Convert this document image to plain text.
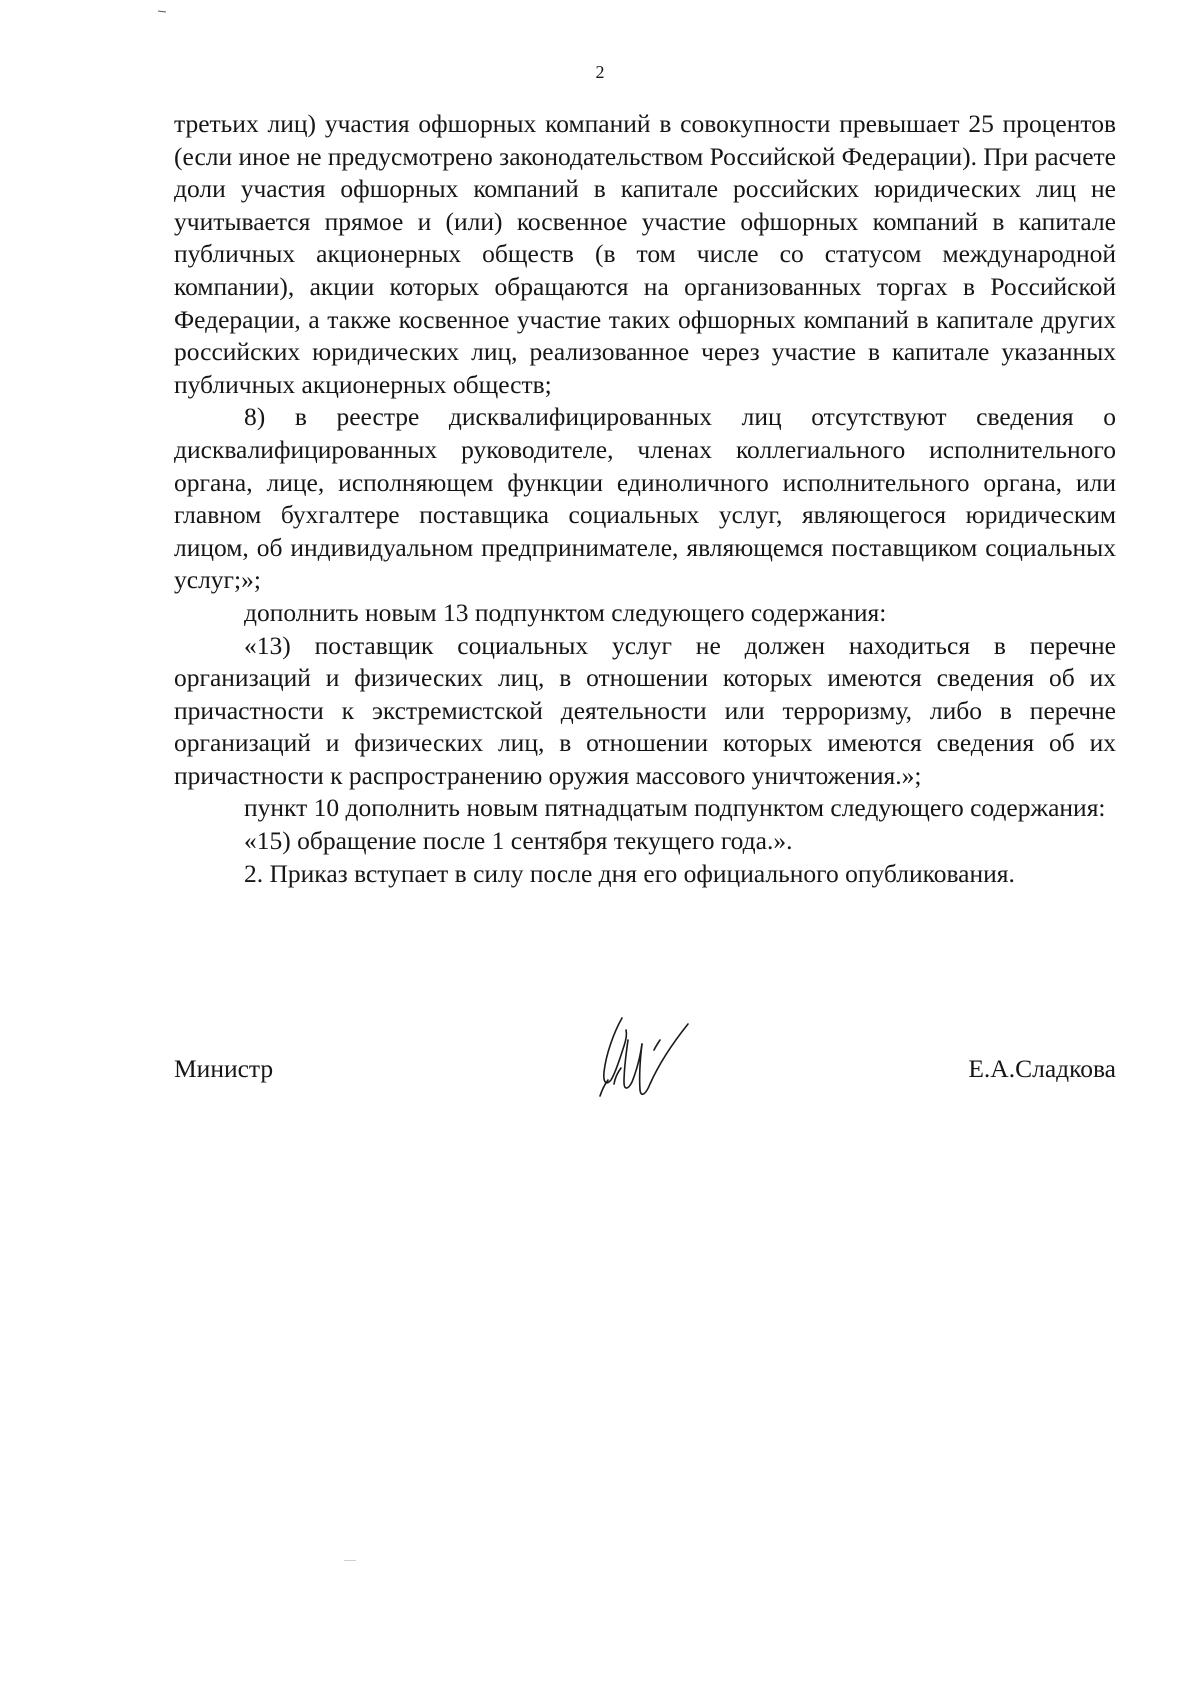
2

третьих лиц) участия офшорных компаний в совокупности превышает 25 процентов (если иное не предусмотрено законодательством Российской Федерации). При расчете доли участия офшорных компаний в капитале российских юридических лиц не учитывается прямое и (или) косвенное участие офшорных компаний в капитале публичных акционерных обществ (в том числе со статусом международной компании), акции которых обращаются на организованных торгах в Российской Федерации, а также косвенное участие таких офшорных компаний в капитале других российских юридических лиц, реализованное через участие в капитале указанных публичных акционерных обществ;

8) в реестре дисквалифицированных лиц отсутствуют сведения о дисквалифицированных руководителе, членах коллегиального исполнительного органа, лице, исполняющем функции единоличного исполнительного органа, или главном бухгалтере поставщика социальных услуг, являющегося юридическим лицом, об индивидуальном предпринимателе, являющемся поставщиком социальных услуг;»;

дополнить новым 13 подпунктом следующего содержания:

«13) поставщик социальных услуг не должен находиться в перечне организаций и физических лиц, в отношении которых имеются сведения об их причастности к экстремистской деятельности или терроризму, либо в перечне организаций и физических лиц, в отношении которых имеются сведения об их причастности к распространению оружия массового уничтожения.»;

пункт 10 дополнить новым пятнадцатым подпунктом следующего содержания:

«15) обращение после 1 сентября текущего года.».

2. Приказ вступает в силу после дня его официального опубликования.

Министр	Е.А.Сладкова
